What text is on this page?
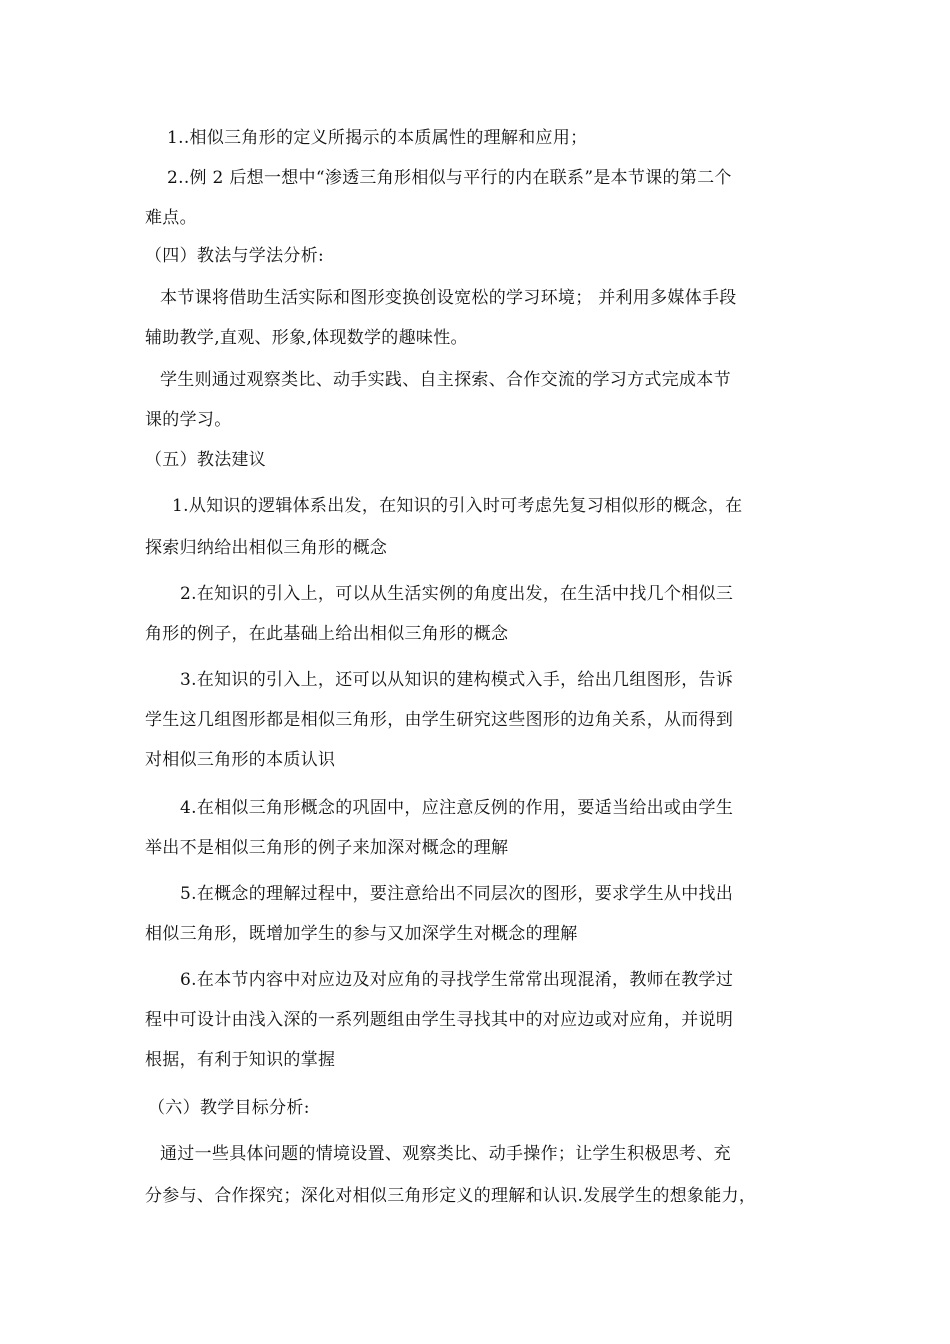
1..相似三角形的定义所揭示的本质属性的理解和应用；
2..例 2 后想一想中“渗透三角形相似与平行的内在联系”是本节课的第二个
难点。
（四）教法与学法分析:
本节课将借助生活实际和图形变换创设宽松的学习环境； 并利用多媒体手段
辅助教学,直观、形象,体现数学的趣味性。
学生则通过观察类比、动手实践、自主探索、合作交流的学习方式完成本节
课的学习。
（五）教法建议
1.从知识的逻辑体系出发，在知识的引入时可考虑先复习相似形的概念，在
探索归纳给出相似三角形的概念
2.在知识的引入上，可以从生活实例的角度出发，在生活中找几个相似三
角形的例子，在此基础上给出相似三角形的概念
3.在知识的引入上，还可以从知识的建构模式入手，给出几组图形，告诉
学生这几组图形都是相似三角形，由学生研究这些图形的边角关系，从而得到
对相似三角形的本质认识
4.在相似三角形概念的巩固中，应注意反例的作用，要适当给出或由学生
举出不是相似三角形的例子来加深对概念的理解
5.在概念的理解过程中，要注意给出不同层次的图形，要求学生从中找出
相似三角形，既增加学生的参与又加深学生对概念的理解
6.在本节内容中对应边及对应角的寻找学生常常出现混淆，教师在教学过
程中可设计由浅入深的一系列题组由学生寻找其中的对应边或对应角，并说明
根据，有利于知识的掌握
（六）教学目标分析:
通过一些具体问题的情境设置、观察类比、动手操作；让学生积极思考、充
分参与、合作探究；深化对相似三角形定义的理解和认识.发展学生的想象能力，
